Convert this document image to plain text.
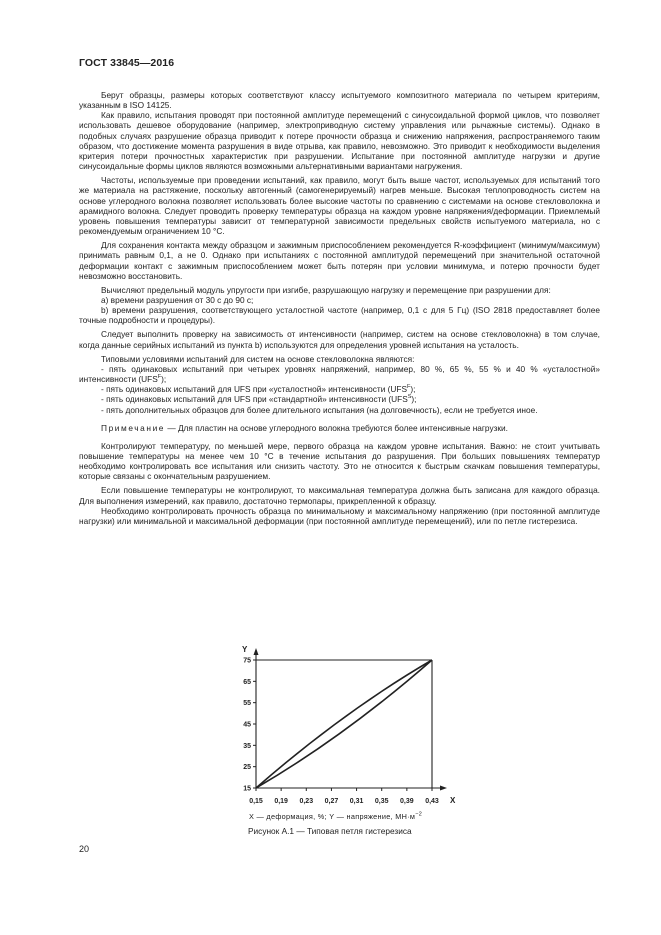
ГОСТ 33845—2016

Берут образцы, размеры которых соответствуют классу испытуемого композитного материала по четырем критериям, указанным в ISO 14125.

Как правило, испытания проводят при постоянной амплитуде перемещений с синусоидальной формой циклов, что позволяет использовать дешевое оборудование (например, электроприводную систему управления или рычажные системы). Однако в подобных случаях разрушение образца приводит к потере прочности образца и снижению напряжения, распространяемого таким образом, что достижение момента разрушения в виде отрыва, как правило, невозможно. Это приводит к необходимости выделения критерия потери прочностных характеристик при разрушении. Испытание при постоянной амплитуде нагрузки и другие синусоидальные формы циклов являются возможными альтернативными вариантами нагружения.

Частоты, используемые при проведении испытаний, как правило, могут быть выше частот, используемых для испытаний того же материала на растяжение, поскольку автогенный (самогенерируемый) нагрев меньше. Высокая теплопроводность систем на основе углеродного волокна позволяет использовать более высокие частоты по сравнению с системами на основе стекловолокна и арамидного волокна. Следует проводить проверку температуры образца на каждом уровне напряжения/деформации. Приемлемый уровень повышения температуры зависит от температурной зависимости предельных свойств испытуемого материала, но с рекомендуемым ограничением 10 °С.

Для сохранения контакта между образцом и зажимным приспособлением рекомендуется R-коэффициент (минимум/максимум) принимать равным 0,1, а не 0. Однако при испытаниях с постоянной амплитудой перемещений при значительной остаточной деформации контакт с зажимным приспособлением может быть потерян при условии минимума, и потерю прочности будет невозможно восстановить.

Вычисляют предельный модуль упругости при изгибе, разрушающую нагрузку и перемещение при разрушении для:

а) времени разрушения от 30 с до 90 с;

b) времени разрушения, соответствующего усталостной частоте (например, 0,1 с для 5 Гц) (ISO 2818 предоставляет более точные подробности и процедуры).

Следует выполнить проверку на зависимость от интенсивности (например, систем на основе стекловолокна) в том случае, когда данные серийных испытаний из пункта b) используются для определения уровней испытания на усталость.

Типовыми условиями испытаний для систем на основе стекловолокна являются:

- пять одинаковых испытаний при четырех уровнях напряжений, например, 80 %, 65 %, 55 % и 40 % «усталостной» интенсивности $(UFS^F)$;

- пять одинаковых испытаний для UFS при «усталостной» интенсивности $(UFS^F)$;

- пять одинаковых испытаний для UFS при «стандартной» интенсивности $(UFS^S)$;

- пять дополнительных образцов для более длительного испытания (на долговечность), если не требуется иное.

Примечание — Для пластин на основе углеродного волокна требуются более интенсивные нагрузки.

Контролируют температуру, по меньшей мере, первого образца на каждом уровне испытания. Важно: не стоит учитывать повышение температуры на менее чем 10 °С в течение испытания до разрушения. При больших повышениях температур необходимо контролировать все испытания или снизить частоту. Это не относится к быстрым скачкам повышения температуры, которые связаны с окончательным разрушением.

Если повышение температуры не контролируют, то максимальная температура должна быть записана для каждого образца. Для выполнения измерений, как правило, достаточно термопары, прикрепленной к образцу.

Необходимо контролировать прочность образца по минимальному и максимальному напряжению (при постоянной амплитуде нагрузки) или минимальной и максимальной деформации (при постоянной амплитуде перемещений), или по петле гистерезиса.

Y
X
15
25
35
45
55
65
75
0,15 0,19 0,23 0,27 0,31 0,35 0,39 0,43
X — деформация, %; Y — напряжение, $МН\cdot м^{-2}$
Рисунок А.1 — Типовая петля гистерезиса
20
